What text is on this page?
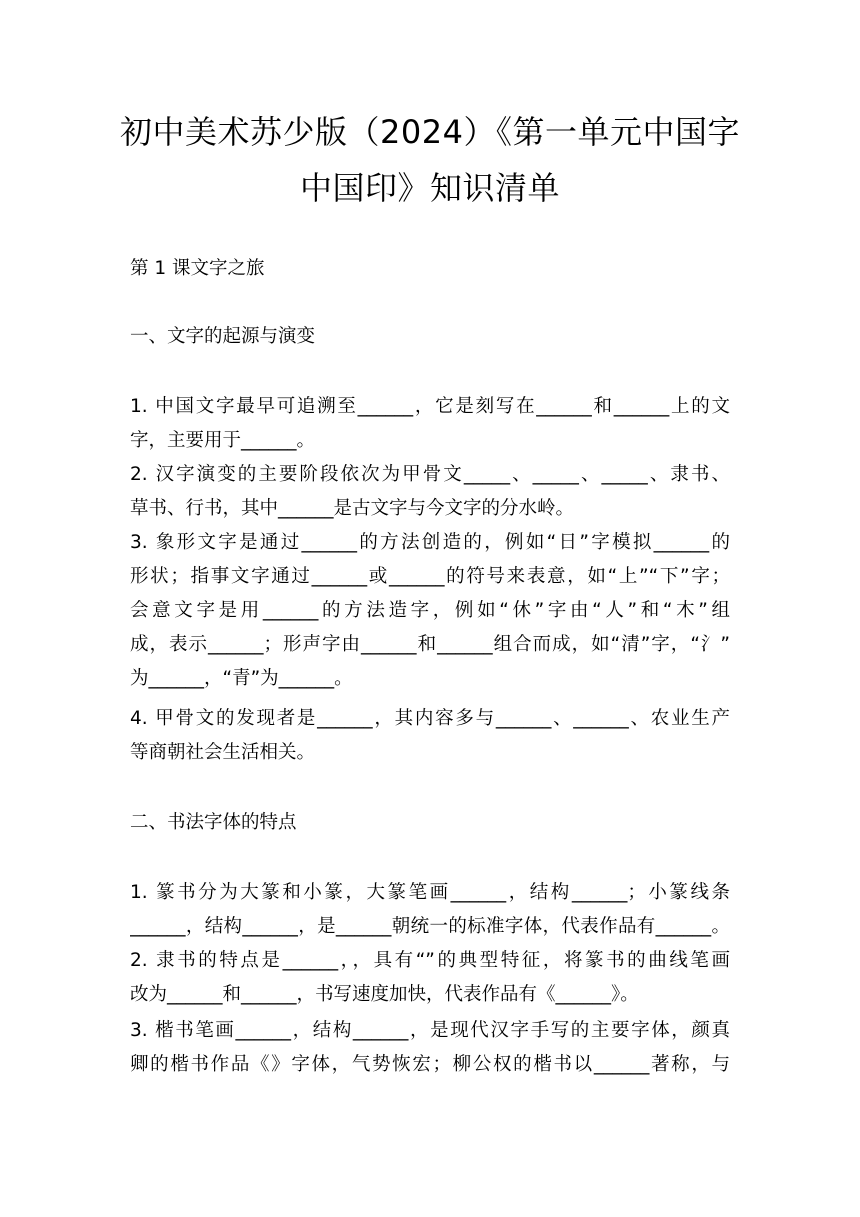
初中美术苏少版（2024）《第一单元中国字
中国印》知识清单
第 1 课文字之旅
一、文字的起源与演变
1. 中国文字最早可追溯至______，它是刻写在______和______上的文
字，主要用于______。
2. 汉字演变的主要阶段依次为甲骨文_____、_____、_____、隶书、
草书、行书，其中______是古文字与今文字的分水岭。
3. 象形文字是通过______的方法创造的，例如“日”字模拟______的
形状；指事文字通过______或______的符号来表意，如“上”“下”字；
会意文字是用______的方法造字，例如“休”字由“人”和“木”组
成，表示______；形声字由______和______组合而成，如“清”字，“氵”
为______，“青”为______。
4. 甲骨文的发现者是______，其内容多与______、______、农业生产
等商朝社会生活相关。
二、书法字体的特点
1. 篆书分为大篆和小篆，大篆笔画______，结构______；小篆线条
______，结构______，是______朝统一的标准字体，代表作品有______。
2. 隶书的特点是______，，具有“”的典型特征，将篆书的曲线笔画
改为______和______，书写速度加快，代表作品有《______》。
3. 楷书笔画______，结构______，是现代汉字手写的主要字体，颜真
卿的楷书作品《》字体，气势恢宏；柳公权的楷书以______著称，与
